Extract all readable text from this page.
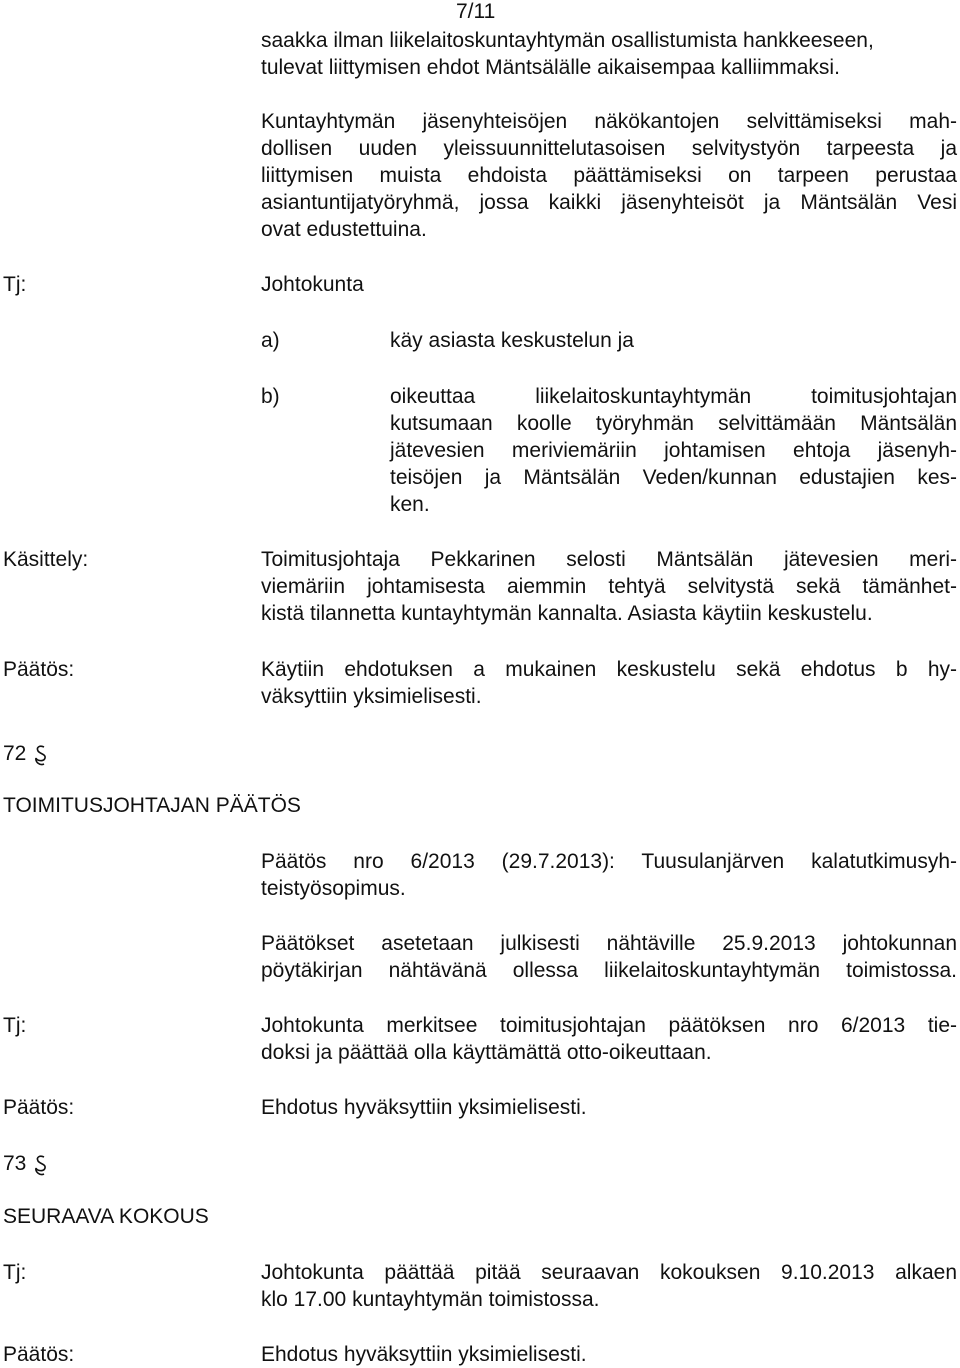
7/11

saakka ilman liikelaitoskuntayhtymän osallistumista hankkeeseen,
tulevat liittymisen ehdot Mäntsälälle aikaisempaa kalliimmaksi.
Kuntayhtymän jäsenyhteisöjen näkökantojen selvittämiseksi mah-
dollisen uuden yleissuunnittelutasoisen selvitystyön tarpeesta ja
liittymisen muista ehdoista päättämiseksi on tarpeen perustaa
asiantuntijatyöryhmä, jossa kaikki jäsenyhteisöt ja Mäntsälän Vesi
ovat edustettuina.

Tj:	Johtokunta

a)	käy asiasta keskustelun ja

b)	oikeuttaa liikelaitoskuntayhtymän toimitusjohtajan
kutsumaan koolle työryhmän selvittämään Mäntsälän
jätevesien meriviemäriin johtamisen ehtoja jäsenyh-
teisöjen ja Mäntsälän Veden/kunnan edustajien kes-
ken.

Käsittely:	Toimitusjohtaja Pekkarinen selosti Mäntsälän jätevesien meri-
viemäriin johtamisesta aiemmin tehtyä selvitystä sekä tämänhet-
kistä tilannetta kuntayhtymän kannalta. Asiasta käytiin keskustelu.

Päätös:	Käytiin ehdotuksen a mukainen keskustelu sekä ehdotus b hy-
väksyttiin yksimielisesti.
72

TOIMITUSJOHTAJAN PÄÄTÖS

Päätös nro 6/2013 (29.7.2013): Tuusulanjärven kalatutkimusyh-
teistyösopimus.
Päätökset asetetaan julkisesti nähtäville 25.9.2013 johtokunnan
pöytäkirjan nähtävänä ollessa liikelaitoskuntayhtymän toimistossa.

Tj:	Johtokunta merkitsee toimitusjohtajan päätöksen nro 6/2013 tie-
doksi ja päättää olla käyttämättä otto-oikeuttaan.

Päätös:	Ehdotus hyväksyttiin yksimielisesti.

73

SEURAAVA KOKOUS

Tj:	Johtokunta päättää pitää seuraavan kokouksen 9.10.2013 alkaen
klo 17.00 kuntayhtymän toimistossa.

Päätös:	Ehdotus hyväksyttiin yksimielisesti.
